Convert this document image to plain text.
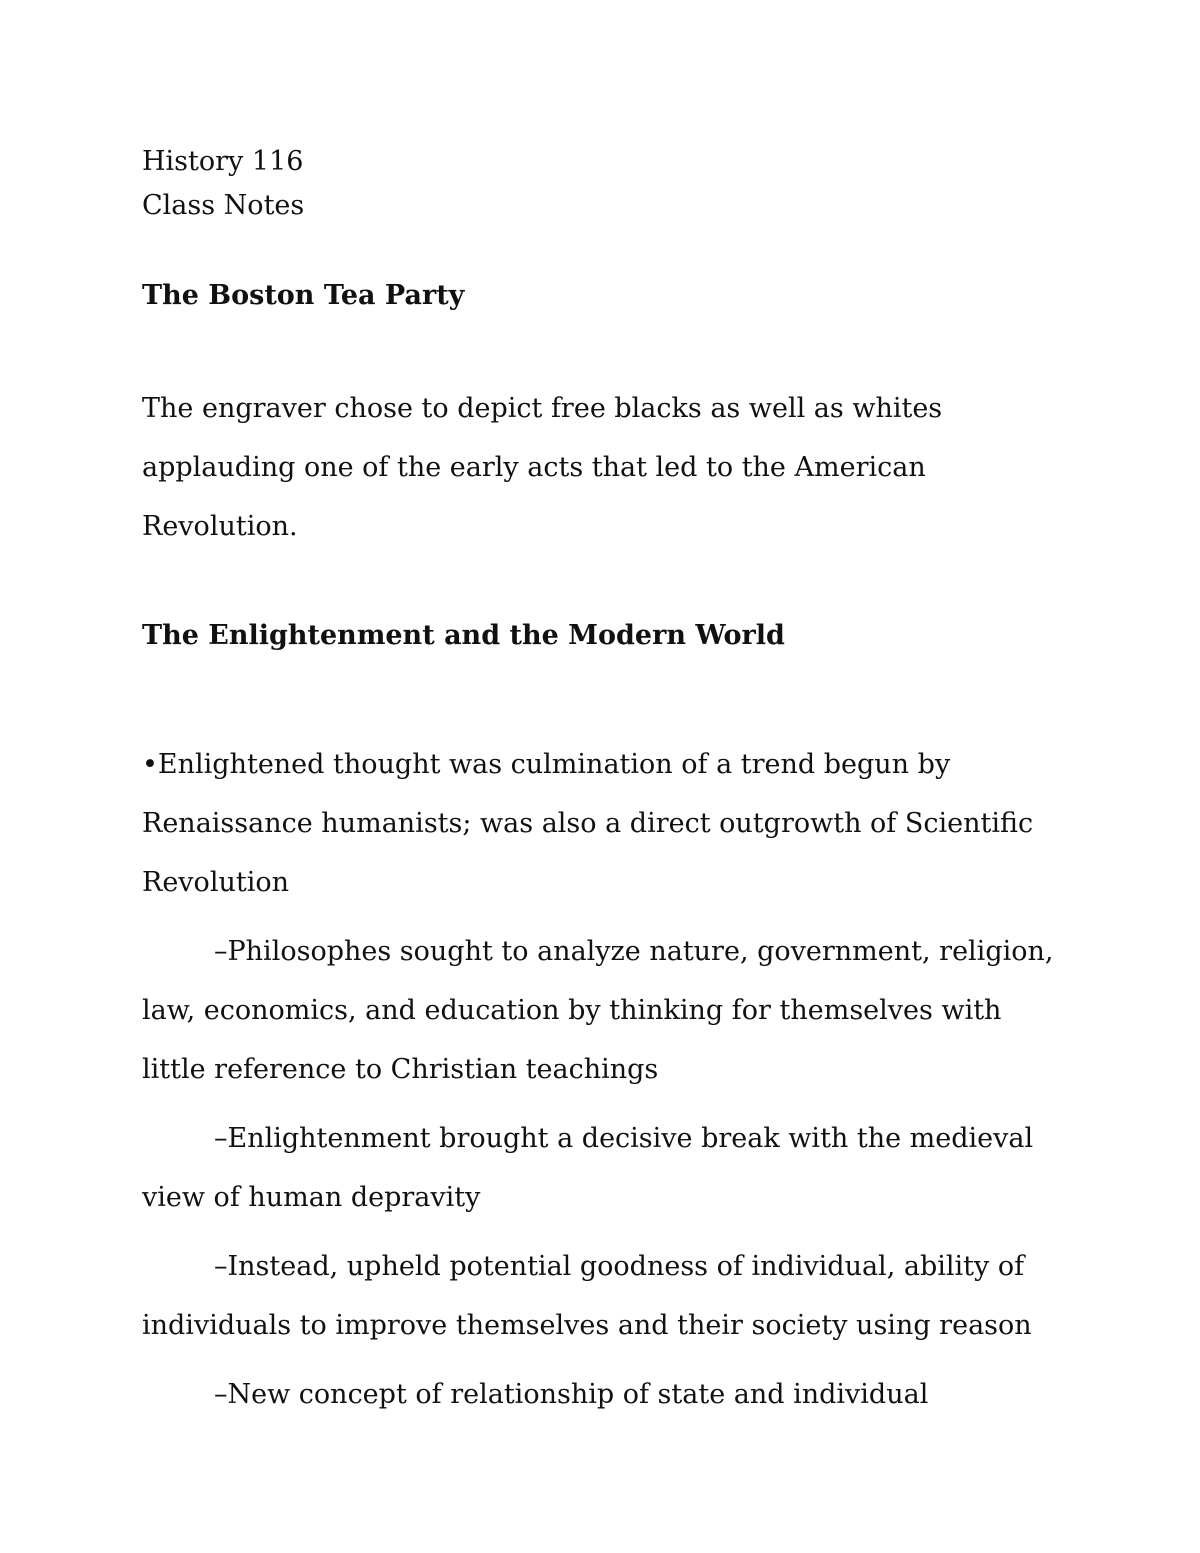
History 116

Class Notes

The Boston Tea Party

The engraver chose to depict free blacks as well as whites applauding one of the early acts that led to the American Revolution.

The Enlightenment and the Modern World

•Enlightened thought was culmination of a trend begun by Renaissance humanists; was also a direct outgrowth of Scientific Revolution

–Philosophes sought to analyze nature, government, religion, law, economics, and education by thinking for themselves with little reference to Christian teachings

–Enlightenment brought a decisive break with the medieval view of human depravity

–Instead, upheld potential goodness of individual, ability of individuals to improve themselves and their society using reason

–New concept of relationship of state and individual
